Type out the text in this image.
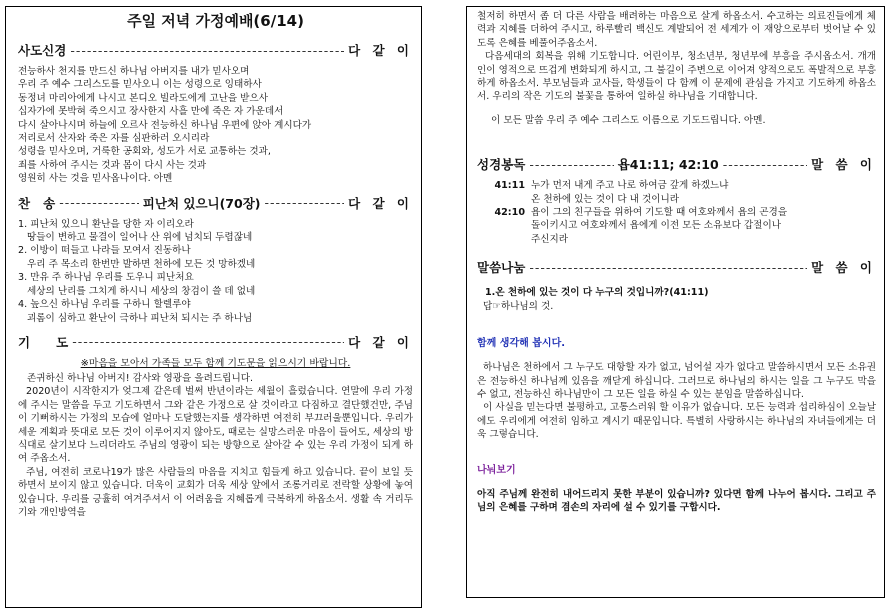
주일 저녁 가정예배(6/14)
사도신경 -----	다 같 이

전능하사 천지를 만드신 하나님 아버지를 내가 믿사오며

우리 주 예수 그리스도를 믿사오니 이는 성령으로 잉태하사

동정녀 마리아에게 나시고 본디오 빌라도에게 고난을 받으사

십자가에 못박혀 죽으시고 장사한지 사흘 만에 죽은 자 가운데서

다시 살아나시며 하늘에 오르사 전능하신 하나님 우편에 앉아 계시다가

저리로서 산자와 죽은 자를 심판하러 오시리라

성령을 믿사오며, 거룩한 공회와, 성도가 서로 교통하는 것과,

죄를 사하여 주시는 것과 몸이 다시 사는 것과

영원히 사는 것을 믿사옵나이다. 아멘

찬   송 -----	피난처 있으니(70장) -----	다 같 이

1. 피난처 있으니 환난을 당한 자 이리오라

땅들이 변하고 물결이 일어나 산 위에 넘치되 두렵잖네

2. 이방이 떠들고 나라들 모여서 진동하나

우리 주 목소리 한번만 발하면 천하에 모든 것 망하겠네

3. 만유 주 하나님 우리를 도우니 피난처요

세상의 난리를 그치게 하시니 세상의 창검이 쓸 데 없네

4. 높으신 하나님 우리를 구하니 할렐루야

괴롬이 심하고 환난이 극하나 피난처 되시는 주 하나님

기      도 -----	다 같 이

※마음을 모아서 가족들 모두 함께 기도문을 읽으시기 바랍니다.

존귀하신 하나님 아버지! 감사와 영광을 올려드립니다.

2020년이 시작한지가 엊그제 같은데 벌써 반년이라는 세월이 흘렀습니다. 연말에 우리 가정에 주시는 말씀을 두고 기도하면서 그와 같은 가정으로 살 것이라고 다짐하고 결단했건만, 주님이 기뻐하시는 가정의 모습에 얼마나 도달했는지를 생각하면 여전히 부끄러울뿐입니다. 우리가 세운 계획과 뜻대로 모든 것이 이루어지지 않아도, 때로는 실망스러운 마음이 들어도, 세상의 방식대로 살기보다 느리더라도 주님의 영광이 되는 방향으로 살아갈 수 있는 우리 가정이 되게 하여 주옵소서.

주님, 여전히 코로나19가 많은 사람들의 마음을 지치고 힘들게 하고 있습니다. 끝이 보일 듯 하면서 보이지 않고 있습니다. 더욱이 교회가 더욱 세상 앞에서 조롱거리로 전락할 상황에 놓여 있습니다. 우리를 긍휼히 여겨주셔서 이 어려움을 지혜롭게 극복하게 하옵소서. 생활 속 거리두기와 개인방역을

철저히 하면서 좀 더 다른 사람을 배려하는 마음으로 살게 하옵소서. 수고하는 의료진들에게 체력과 지혜를 더하여 주시고, 하루빨리 백신도 계발되어 전 세계가 이 재앙으로부터 벗어날 수 있도록 은혜를 베풀어주옵소서.

다음세대의 회복을 위해 기도합니다. 어린이부, 청소년부, 청년부에 부흥을 주시옵소서. 개개인이 영적으로 뜨겁게 변화되게 하시고, 그 불길이 주변으로 이어져 양적으로도 폭발적으로 부흥하게 하옵소서. 부모님들과 교사들, 학생들이 다 함께 이 문제에 관심을 가지고 기도하게 하옵소서. 우리의 작은 기도의 불꽃을 통하여 일하실 하나님을 기대합니다.

이 모든 말씀 우리 주 예수 그리스도 이름으로 기도드립니다. 아멘.

성경봉독 -----	욥41:11; 42:10 -----	말 씀 이
41:11 누가 먼저 내게 주고 나로 하여금 갚게 하겠느냐
온 천하에 있는 것이 다 내 것이니라
42:10 욥이 그의 친구들을 위하여 기도할 때 여호와께서 욥의 곤경을
돌이키시고 여호와께서 욥에게 이전 모든 소유보다 갑절이나
주신지라
말씀나눔 -----	말 씀 이

1.온 천하에 있는 것이 다 누구의 것입니까?(41:11)

답☞하나님의 것.

함께 생각해 봅시다.

하나님은 천하에서 그 누구도 대항할 자가 없고, 넘어설 자가 없다고 말씀하시면서 모든 소유권은 전능하신 하나님께 있음을 깨닫게 하십니다. 그러므로 하나님의 하시는 일을 그 누구도 막을 수 없고, 전능하신 하나님만이 그 모든 일을 하실 수 있는 분임을 말씀하십니다.

이 사실을 믿는다면 불평하고, 고통스러워 할 이유가 없습니다. 모든 능력과 섭리하심이 오늘날에도 우리에게 여전히 임하고 계시기 때문입니다. 특별히 사랑하시는 하나님의 자녀들에게는 더욱 그렇습니다.

나눠보기

아직 주님께 완전히 내어드리지 못한 부분이 있습니까? 있다면 함께 나누어 봅시다. 그리고 주님의 은혜를 구하며 겸손의 자리에 설 수 있기를 구합시다.
